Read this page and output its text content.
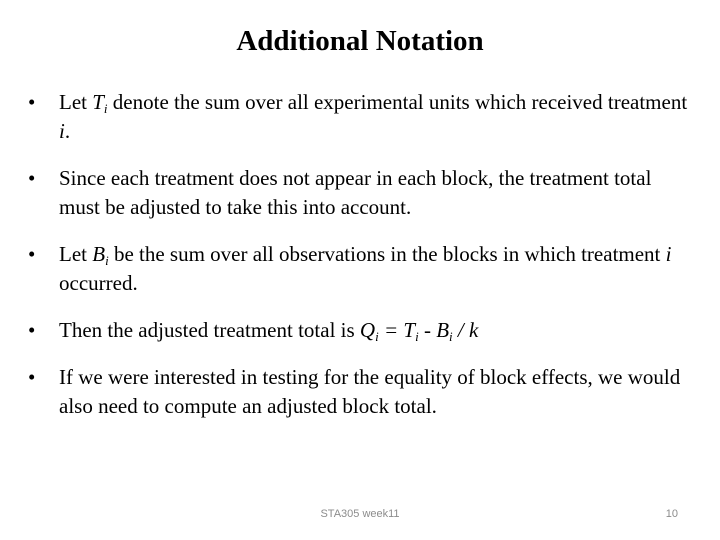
Additional Notation
• Let $T_i$ denote the sum over all experimental units which received treatment i.
• Since each treatment does not appear in each block, the treatment total must be adjusted to take this into account.
• Let $B_i$ be the sum over all observations in the blocks in which treatment i occurred.
• Then the adjusted treatment total is $Q_i = T_i - B_i / k$
• If we were interested in testing for the equality of block effects, we would also need to compute an adjusted block total.
STA305 week11	10
